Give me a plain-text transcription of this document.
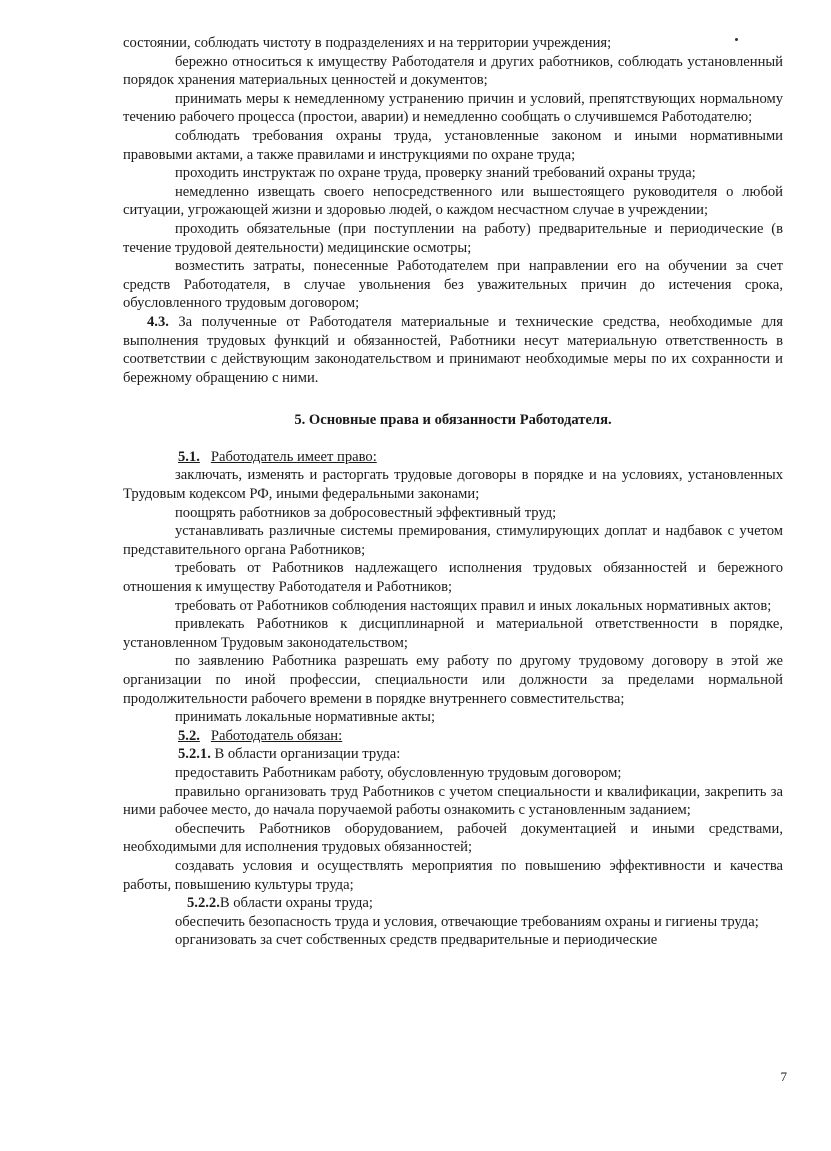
состоянии, соблюдать чистоту в подразделениях и на территории учреждения;

бережно относиться к имуществу Работодателя и других работников, соблюдать установленный порядок хранения материальных ценностей и документов;

принимать меры к немедленному устранению причин и условий, препятствующих нормальному течению рабочего процесса (простои, аварии) и немедленно сообщать о случившемся Работодателю;

соблюдать требования охраны труда, установленные законом и иными нормативными правовыми актами, а также правилами и инструкциями по охране труда;

проходить инструктаж по охране труда, проверку знаний требований охраны труда;

немедленно извещать своего непосредственного или вышестоящего руководителя о любой ситуации, угрожающей жизни и здоровью людей, о каждом несчастном случае в учреждении;

проходить обязательные (при поступлении на работу) предварительные и периодические (в течение трудовой деятельности) медицинские осмотры;

возместить затраты, понесенные Работодателем при направлении его на обучении за счет средств Работодателя, в случае увольнения без уважительных причин до истечения срока, обусловленного трудовым договором;

4.3. За полученные от Работодателя материальные и технические средства, необходимые для выполнения трудовых функций и обязанностей, Работники несут материальную ответственность в соответствии с действующим законодательством и принимают необходимые меры по их сохранности и бережному обращению с ними.

5. Основные права и обязанности Работодателя.

5.1. Работодатель имеет право:

заключать, изменять и расторгать трудовые договоры в порядке и на условиях, установленных Трудовым кодексом РФ, иными федеральными законами;

поощрять работников за добросовестный эффективный труд;

устанавливать различные системы премирования, стимулирующих доплат и надбавок с учетом представительного органа Работников;

требовать от Работников надлежащего исполнения трудовых обязанностей и бережного отношения к имуществу Работодателя и Работников;

требовать от Работников соблюдения настоящих правил и иных локальных нормативных актов;

привлекать Работников к дисциплинарной и материальной ответственности в порядке, установленном Трудовым законодательством;

по заявлению Работника разрешать ему работу по другому трудовому договору в этой же организации по иной профессии, специальности или должности за пределами нормальной продолжительности рабочего времени в порядке внутреннего совместительства;

принимать локальные нормативные акты;

5.2. Работодатель обязан:

5.2.1. В области организации труда:

предоставить Работникам работу, обусловленную трудовым договором;

правильно организовать труд Работников с учетом специальности и квалификации, закрепить за ними рабочее место, до начала поручаемой работы ознакомить с установленным заданием;

обеспечить Работников оборудованием, рабочей документацией и иными средствами, необходимыми для исполнения трудовых обязанностей;

создавать условия и осуществлять мероприятия по повышению эффективности и качества работы, повышению культуры труда;

5.2.2.В области охраны труда;

обеспечить безопасность труда и условия, отвечающие требованиям охраны и гигиены труда;

организовать за счет собственных средств предварительные и периодические

7
